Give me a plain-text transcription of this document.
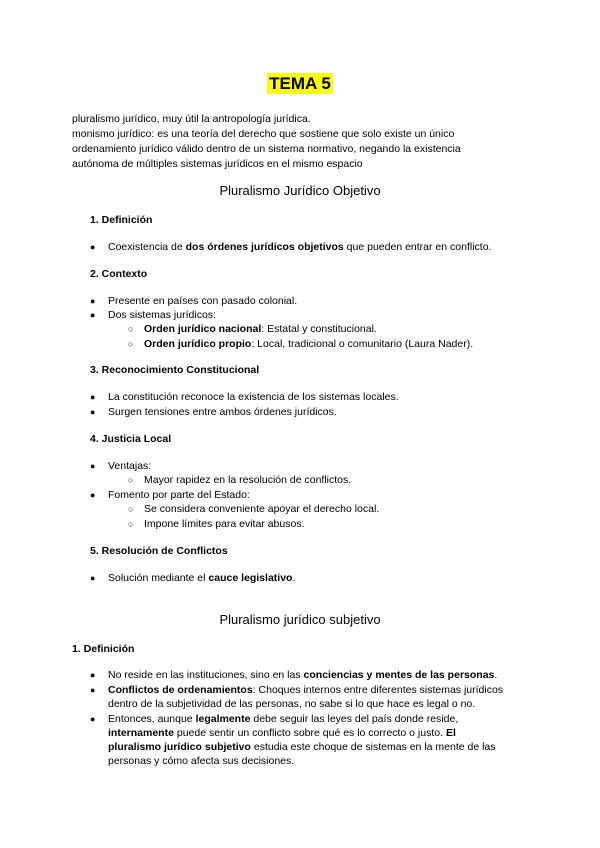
TEMA 5

pluralismo jurídico, muy útil la antropología jurídica.

monismo jurídico: es una teoría del derecho que sostiene que solo existe un único

ordenamiento jurídico válido dentro de un sistema normativo, negando la existencia

autónoma de múltiples sistemas jurídicos en el mismo espacio

Pluralismo Jurídico Objetivo
1. Definición
● Coexistencia de dos órdenes jurídicos objetivos que pueden entrar en conflicto.
2. Contexto
● Presente en países con pasado colonial.
● Dos sistemas jurídicos:
○ Orden jurídico nacional: Estatal y constitucional.
○ Orden jurídico propio: Local, tradicional o comunitario (Laura Nader).
3. Reconocimiento Constitucional
● La constitución reconoce la existencia de los sistemas locales.
● Surgen tensiones entre ambos órdenes jurídicos.
4. Justicia Local
● Ventajas:
○ Mayor rapidez en la resolución de conflictos.
● Fomento por parte del Estado:
○ Se considera conveniente apoyar el derecho local.
○ Impone límites para evitar abusos.
5. Resolución de Conflictos
● Solución mediante el cauce legislativo.
Pluralismo jurídico subjetivo
1. Definición
● No reside en las instituciones, sino en las conciencias y mentes de las personas.
● Conflictos de ordenamientos: Choques internos entre diferentes sistemas jurídicos
dentro de la subjetividad de las personas, no sabe si lo que hace es legal o no.
● Entonces, aunque legalmente debe seguir las leyes del país donde reside,
internamente puede sentir un conflicto sobre qué es lo correcto o justo. El
pluralismo jurídico subjetivo estudia este choque de sistemas en la mente de las
personas y cómo afecta sus decisiones.
